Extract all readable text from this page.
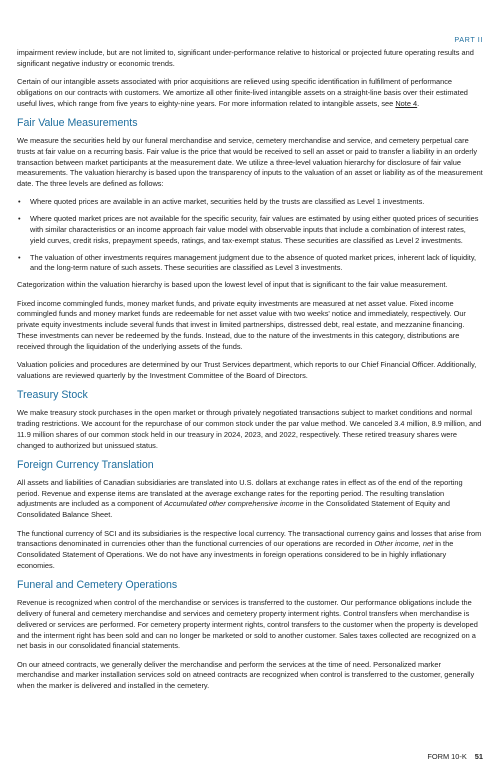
PART II

impairment review include, but are not limited to, significant under-performance relative to historical or projected future operating results and significant negative industry or economic trends.

Certain of our intangible assets associated with prior acquisitions are relieved using specific identification in fulfillment of performance obligations on our contracts with customers. We amortize all other finite-lived intangible assets on a straight-line basis over their estimated useful lives, which range from five years to eighty-nine years. For more information related to intangible assets, see Note 4.

Fair Value Measurements

We measure the securities held by our funeral merchandise and service, cemetery merchandise and service, and cemetery perpetual care trusts at fair value on a recurring basis. Fair value is the price that would be received to sell an asset or paid to transfer a liability in an orderly transaction between market participants at the measurement date. We utilize a three-level valuation hierarchy for disclosure of fair value measurements. The valuation hierarchy is based upon the transparency of inputs to the valuation of an asset or liability as of the measurement date. The three levels are defined as follows:

• Where quoted prices are available in an active market, securities held by the trusts are classified as Level 1 investments.
• Where quoted market prices are not available for the specific security, fair values are estimated by using either quoted prices of securities with similar characteristics or an income approach fair value model with observable inputs that include a combination of interest rates, yield curves, credit risks, prepayment speeds, ratings, and tax-exempt status. These securities are classified as Level 2 investments.
• The valuation of other investments requires management judgment due to the absence of quoted market prices, inherent lack of liquidity, and the long-term nature of such assets. These securities are classified as Level 3 investments.

Categorization within the valuation hierarchy is based upon the lowest level of input that is significant to the fair value measurement.

Fixed income commingled funds, money market funds, and private equity investments are measured at net asset value. Fixed income commingled funds and money market funds are redeemable for net asset value with two weeks' notice and immediately, respectively. Our private equity investments include several funds that invest in limited partnerships, distressed debt, real estate, and mezzanine financing. These investments can never be redeemed by the funds. Instead, due to the nature of the investments in this category, distributions are received through the liquidation of the underlying assets of the funds.

Valuation policies and procedures are determined by our Trust Services department, which reports to our Chief Financial Officer. Additionally, valuations are reviewed quarterly by the Investment Committee of the Board of Directors.

Treasury Stock

We make treasury stock purchases in the open market or through privately negotiated transactions subject to market conditions and normal trading restrictions. We account for the repurchase of our common stock under the par value method. We canceled 3.4 million, 8.9 million, and 11.9 million shares of our common stock held in our treasury in 2024, 2023, and 2022, respectively. These retired treasury shares were changed to authorized but unissued status.

Foreign Currency Translation

All assets and liabilities of Canadian subsidiaries are translated into U.S. dollars at exchange rates in effect as of the end of the reporting period. Revenue and expense items are translated at the average exchange rates for the reporting period. The resulting translation adjustments are included as a component of Accumulated other comprehensive income in the Consolidated Statement of Equity and Consolidated Balance Sheet.

The functional currency of SCI and its subsidiaries is the respective local currency. The transactional currency gains and losses that arise from transactions denominated in currencies other than the functional currencies of our operations are recorded in Other income, net in the Consolidated Statement of Operations. We do not have any investments in foreign operations considered to be in highly inflationary economies.

Funeral and Cemetery Operations

Revenue is recognized when control of the merchandise or services is transferred to the customer. Our performance obligations include the delivery of funeral and cemetery merchandise and services and cemetery property interment rights. Control transfers when merchandise is delivered or services are performed. For cemetery property interment rights, control transfers to the customer when the property is developed and the interment right has been sold and can no longer be marketed or sold to another customer. Sales taxes collected are recognized on a net basis in our consolidated financial statements.

On our atneed contracts, we generally deliver the merchandise and perform the services at the time of need. Personalized marker merchandise and marker installation services sold on atneed contracts are recognized when control is transferred to the customer, generally when the marker is delivered and installed in the cemetery.

FORM 10-K 51
